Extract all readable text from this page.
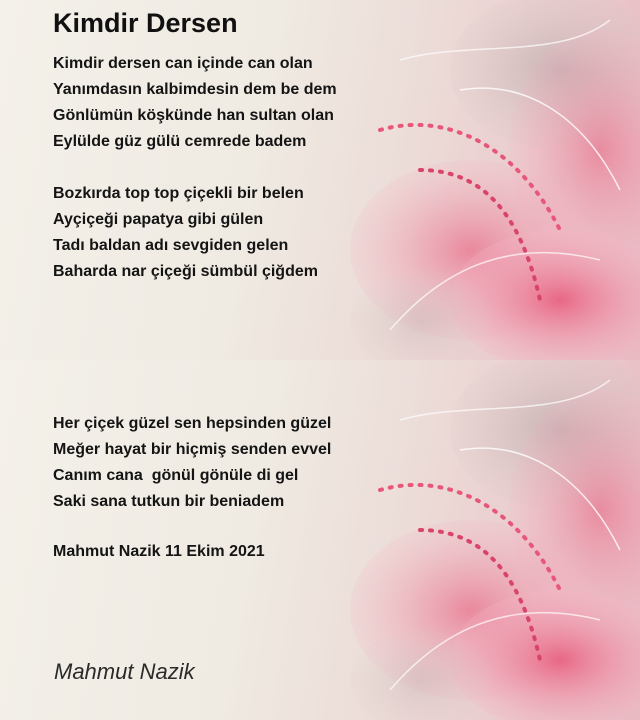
Kimdir Dersen
Kimdir dersen can içinde can olan
Yanımdasın kalbimdesin dem be dem
Gönlümün köşkünde han sultan olan
Eylülde güz gülü cemrede badem
Bozkırda top top çiçekli bir belen
Ayçiçeği papatya gibi gülen
Tadı baldan adı sevgiden gelen
Baharda nar çiçeği sümbül çiğdem
Her çiçek güzel sen hepsinden güzel
Meğer hayat bir hiçmiş senden evvel
Canım cana  gönül gönüle di gel
Saki sana tutkun bir beniadem
Mahmut Nazik 11 Ekim 2021
Mahmut Nazik
